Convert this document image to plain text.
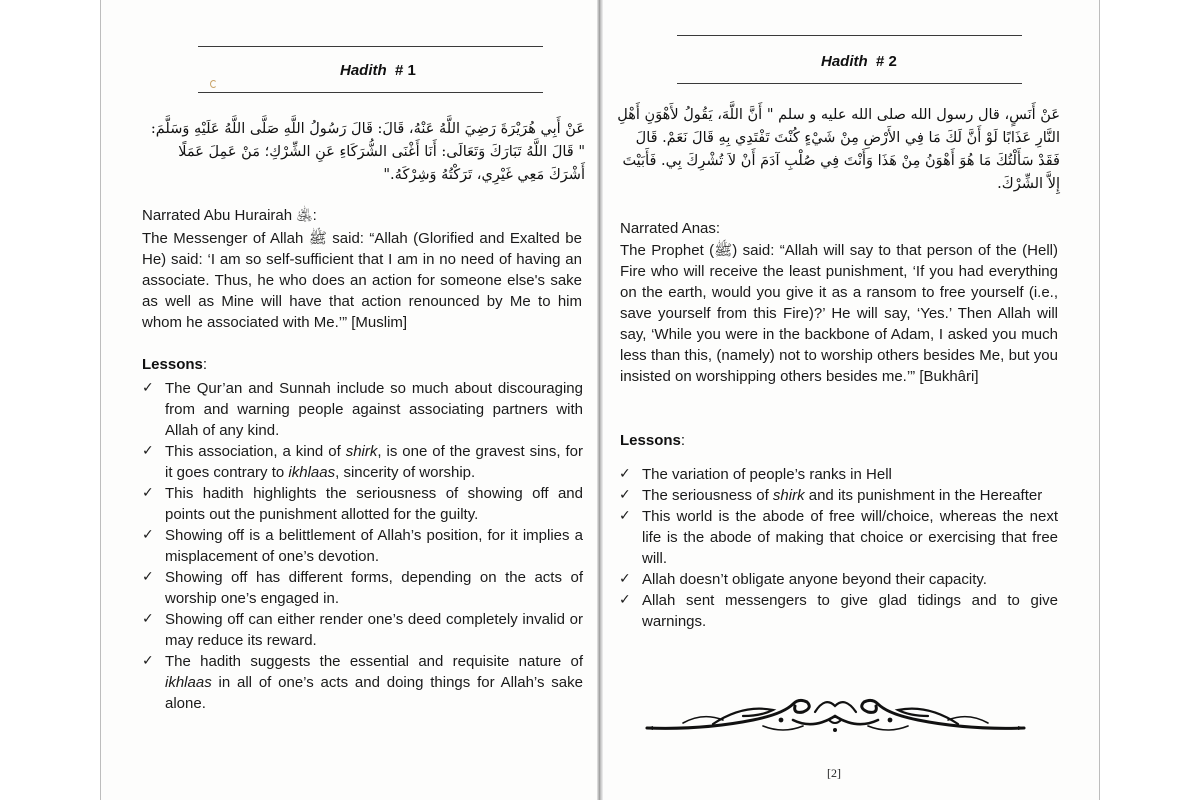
Hadith # 1
عَنْ أَبِي هُرَيْرَةَ رَضِيَ اللَّهُ عَنْهُ، قَالَ: قَالَ رَسُولُ اللَّهِ صَلَّى اللَّهُ عَلَيْهِ وَسَلَّمَ: " قَالَ اللَّهُ تَبَارَكَ وَتَعَالَى: أَنَا أَغْنَى الشُّرَكَاءِ عَنِ الشِّرْكِ؛ مَنْ عَمِلَ عَمَلًا أَشْرَكَ مَعِي غَيْرِي، تَرَكْتُهُ وَشِرْكَهُ."
Narrated Abu Hurairah ﵁:
The Messenger of Allah ﷺ said: “Allah (Glorified and Exalted be He) said: ‘I am so self-sufficient that I am in no need of having an associate. Thus, he who does an action for someone else's sake as well as Mine will have that action renounced by Me to him whom he associated with Me.’” [Muslim]
Lessons:
✓ The Qur’an and Sunnah include so much about discouraging from and warning people against associating partners with Allah of any kind.
✓ This association, a kind of shirk, is one of the gravest sins, for it goes contrary to ikhlaas, sincerity of worship.
✓ This hadith highlights the seriousness of showing off and points out the punishment allotted for the guilty.
✓ Showing off is a belittlement of Allah’s position, for it implies a misplacement of one’s devotion.
✓ Showing off has different forms, depending on the acts of worship one’s engaged in.
✓ Showing off can either render one’s deed completely invalid or may reduce its reward.
✓ The hadith suggests the essential and requisite nature of ikhlaas in all of one’s acts and doing things for Allah’s sake alone.
Hadith # 2
عَنْ أَنَسٍ، قال رسول الله صلى الله عليه و سلم " أَنَّ اللَّهَ، يَقُولُ لأَهْوَنِ أَهْلِ النَّارِ عَذَابًا لَوْ أَنَّ لَكَ مَا فِي الأَرْضِ مِنْ شَيْءٍ كُنْتَ تَفْتَدِي بِهِ قَالَ نَعَمْ. قَالَ فَقَدْ سَأَلْتُكَ مَا هُوَ أَهْوَنُ مِنْ هَذَا وَأَنْتَ فِي صُلْبِ آدَمَ أَنْ لاَ تُشْرِكَ بِي. فَأَبَيْتَ إِلاَّ الشِّرْكَ.
Narrated Anas:
The Prophet (ﷺ) said: “Allah will say to that person of the (Hell) Fire who will receive the least punishment, ‘If you had everything on the earth, would you give it as a ransom to free yourself (i.e., save yourself from this Fire)?’ He will say, ‘Yes.’ Then Allah will say, ‘While you were in the backbone of Adam, I asked you much less than this, (namely) not to worship others besides Me, but you insisted on worshipping others besides me.’” [Bukhâri]
Lessons:
✓ The variation of people’s ranks in Hell
✓ The seriousness of shirk and its punishment in the Hereafter
✓ This world is the abode of free will/choice, whereas the next life is the abode of making that choice or exercising that free will.
✓ Allah doesn’t obligate anyone beyond their capacity.
✓ Allah sent messengers to give glad tidings and to give warnings.
[2]
